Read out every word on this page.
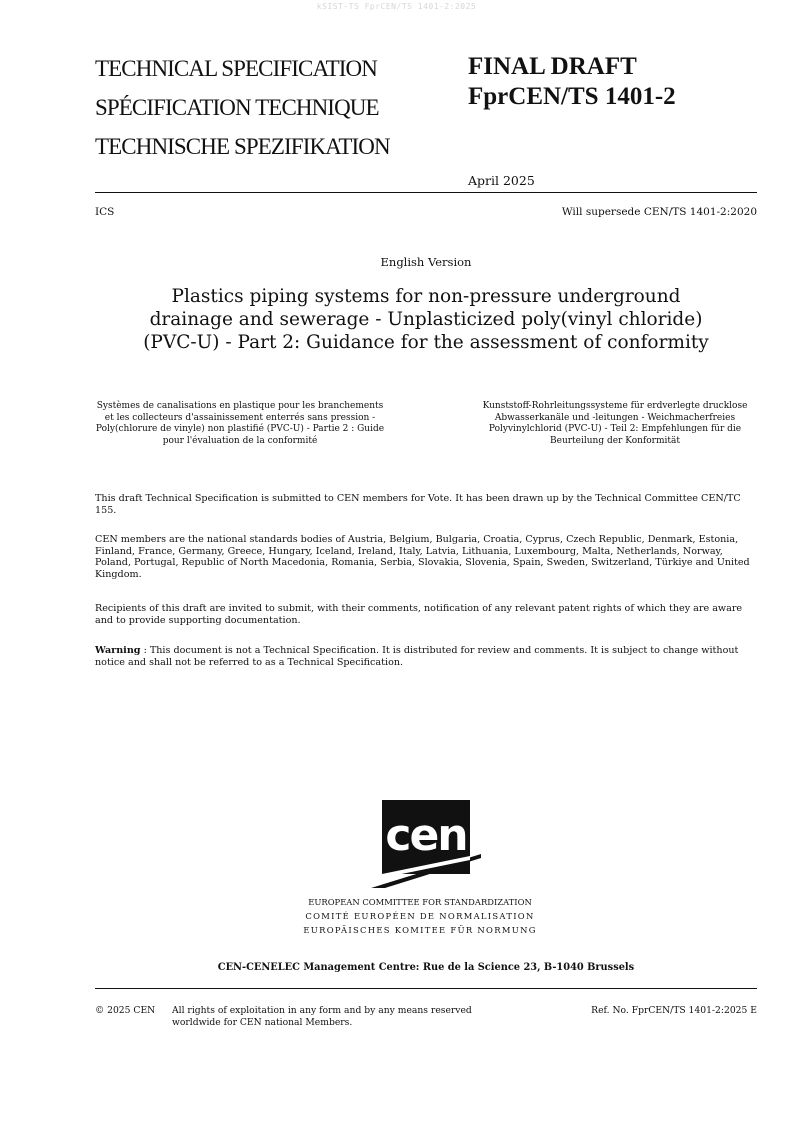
kSIST-TS FprCEN/TS 1401-2:2025
TECHNICAL SPECIFICATION
SPÉCIFICATION TECHNIQUE
TECHNISCHE SPEZIFIKATION
FINAL DRAFT
FprCEN/TS 1401-2
April 2025
ICS	Will supersede CEN/TS 1401-2:2020
English Version
Plastics piping systems for non-pressure underground drainage and sewerage - Unplasticized poly(vinyl chloride) (PVC-U) - Part 2: Guidance for the assessment of conformity
Systèmes de canalisations en plastique pour les branchements et les collecteurs d'assainissement enterrés sans pression - Poly(chlorure de vinyle) non plastifié (PVC-U) - Partie 2 : Guide pour l'évaluation de la conformité
Kunststoff-Rohrleitungssysteme für erdverlegte drucklose Abwasserkanäle und -leitungen - Weichmacherfreies Polyvinylchlorid (PVC-U) - Teil 2: Empfehlungen für die Beurteilung der Konformität
This draft Technical Specification is submitted to CEN members for Vote. It has been drawn up by the Technical Committee CEN/TC 155.
CEN members are the national standards bodies of Austria, Belgium, Bulgaria, Croatia, Cyprus, Czech Republic, Denmark, Estonia, Finland, France, Germany, Greece, Hungary, Iceland, Ireland, Italy, Latvia, Lithuania, Luxembourg, Malta, Netherlands, Norway, Poland, Portugal, Republic of North Macedonia, Romania, Serbia, Slovakia, Slovenia, Spain, Sweden, Switzerland, Türkiye and United Kingdom.
Recipients of this draft are invited to submit, with their comments, notification of any relevant patent rights of which they are aware and to provide supporting documentation.
Warning : This document is not a Technical Specification. It is distributed for review and comments. It is subject to change without notice and shall not be referred to as a Technical Specification.
cen
EUROPEAN COMMITTEE FOR STANDARDIZATION
COMITÉ EUROPÉEN DE NORMALISATION
EUROPÄISCHES KOMITEE FÜR NORMUNG
CEN-CENELEC Management Centre: Rue de la Science 23, B-1040 Brussels
© 2025 CEN All rights of exploitation in any form and by any means reserved
worldwide for CEN national Members.
Ref. No. FprCEN/TS 1401-2:2025 E
